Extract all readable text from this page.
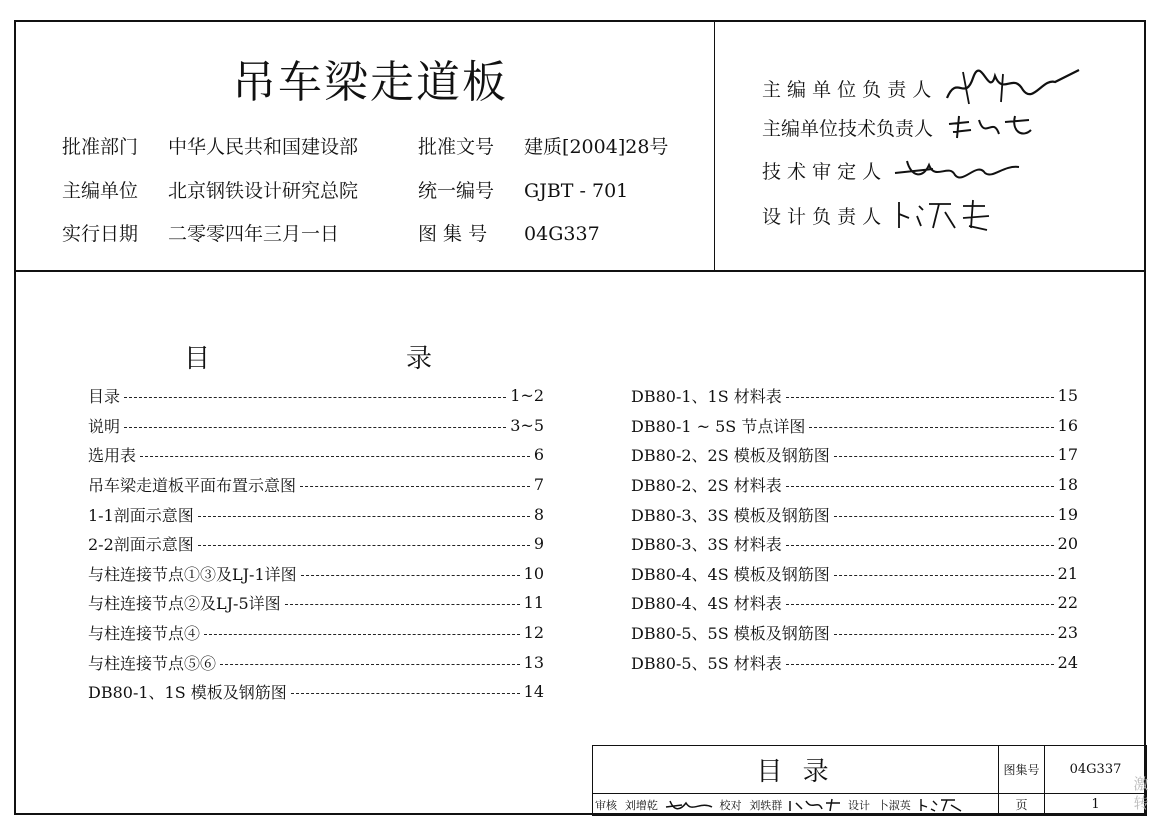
吊车梁走道板
批准部门 中华人民共和国建设部
主编单位 北京钢铁设计研究总院
实行日期 二零零四年三月一日
批准文号 建质[2004]28号
统一编号 GJBT - 701
图 集 号 04G337
主 编 单 位 负 责 人
主编单位技术负责人
技 术 审 定 人
设 计 负 责 人
目	录
目录	1~2
说明	3~5
选用表	6
吊车梁走道板平面布置示意图	7
1-1剖面示意图	8
2-2剖面示意图	9
与柱连接节点①③及LJ-1详图	10
与柱连接节点②及LJ-5详图	11
与柱连接节点④	12
与柱连接节点⑤⑥	13
DB80-1、1S 模板及钢筋图	14
DB80-1、1S 材料表	15
DB80-1 ~ 5S 节点详图	16
DB80-2、2S 模板及钢筋图	17
DB80-2、2S 材料表	18
DB80-3、3S 模板及钢筋图	19
DB80-3、3S 材料表	20
DB80-4、4S 模板及钢筋图	21
DB80-4、4S 材料表	22
DB80-5、5S 模板及钢筋图	23
DB80-5、5S 材料表	24
目 录	图集号	04G337
审核 刘增乾 校对 刘轶群 设计 卜淑英	页	1
激 转
